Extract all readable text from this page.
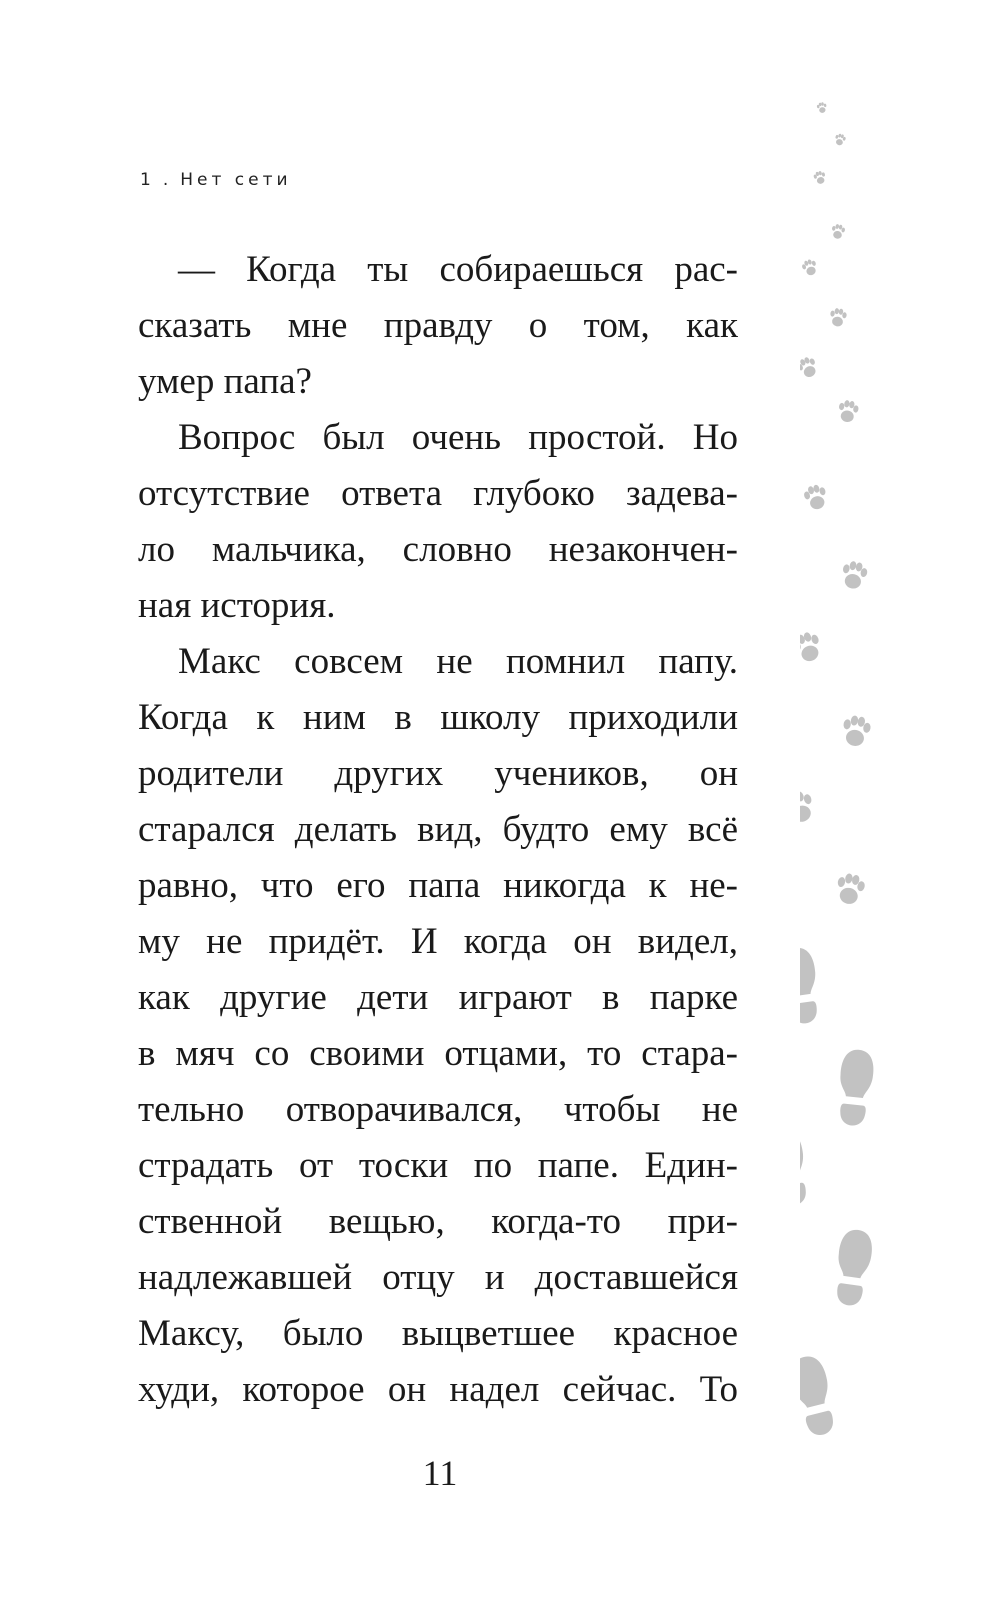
1 . Нет сети
— Когда ты собираешься рас-
сказать мне правду о том, как
умер папа?
Вопрос был очень простой. Но
отсутствие ответа глубоко задева-
ло мальчика, словно незакончен-
ная история.
Макс совсем не помнил папу.
Когда к ним в школу приходили
родители других учеников, он
старался делать вид, будто ему всё
равно, что его папа никогда к не-
му не придёт. И когда он видел,
как другие дети играют в парке
в мяч со своими отцами, то стара-
тельно отворачивался, чтобы не
страдать от тоски по папе. Един-
ственной вещью, когда-то при-
надлежавшей отцу и доставшейся
Максу, было выцветшее красное
худи, которое он надел сейчас. То
11
